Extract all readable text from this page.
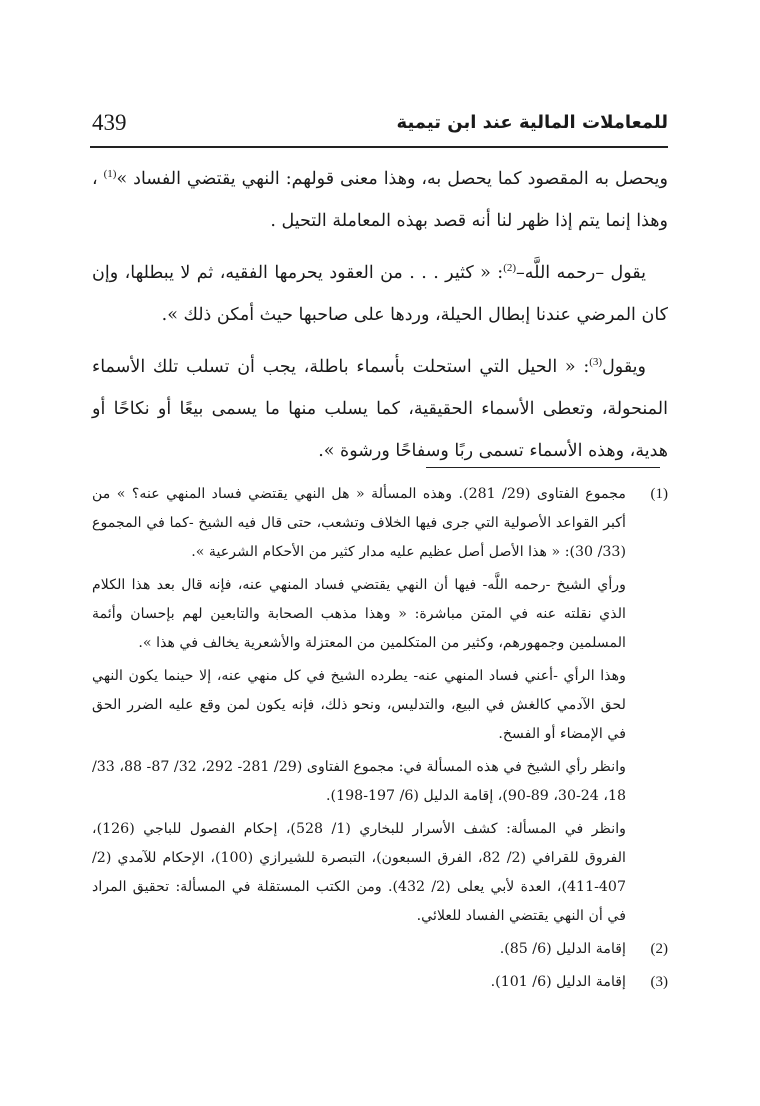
439	للمعاملات المالية عند ابن تيمية

ويحصل به المقصود كما يحصل به، وهذا معنى قولهم: النهي يقتضي الفساد »$^{(1)}$ ، وهذا إنما يتم إذا ظهر لنا أنه قصد بهذه المعاملة التحيل .

يقول –رحمه اللَّه–$^{(2)}$: « كثير . . . من العقود يحرمها الفقيه، ثم لا يبطلها، وإن كان المرضي عندنا إبطال الحيلة، وردها على صاحبها حيث أمكن ذلك ».

ويقول$^{(3)}$: « الحيل التي استحلت بأسماء باطلة، يجب أن تسلب تلك الأسماء المنحولة، وتعطى الأسماء الحقيقية، كما يسلب منها ما يسمى بيعًا أو نكاحًا أو هدية، وهذه الأسماء تسمى ربًا وسفاحًا ورشوة ».

(1)

مجموع الفتاوى (29/ 281). وهذه المسألة « هل النهي يقتضي فساد المنهي عنه؟ » من أكبر القواعد الأصولية التي جرى فيها الخلاف وتشعب، حتى قال فيه الشيخ -كما في المجموع (33/ 30): « هذا الأصل أصل عظيم عليه مدار كثير من الأحكام الشرعية ».

ورأي الشيخ -رحمه اللَّه- فيها أن النهي يقتضي فساد المنهي عنه، فإنه قال بعد هذا الكلام الذي نقلته عنه في المتن مباشرة: « وهذا مذهب الصحابة والتابعين لهم بإحسان وأئمة المسلمين وجمهورهم، وكثير من المتكلمين من المعتزلة والأشعرية يخالف في هذا ».

وهذا الرأي -أعني فساد المنهي عنه- يطرده الشيخ في كل منهي عنه، إلا حينما يكون النهي لحق الآدمي كالغش في البيع، والتدليس، ونحو ذلك، فإنه يكون لمن وقع عليه الضرر الحق في الإمضاء أو الفسخ.

وانظر رأي الشيخ في هذه المسألة في: مجموع الفتاوى (29/ 281- 292، 32/ 87- 88، 33/ 18، 24-30، 89-90)، إقامة الدليل (6/ 197-198).

وانظر في المسألة: كشف الأسرار للبخاري (1/ 528)، إحكام الفصول للباجي (126)، الفروق للقرافي (2/ 82، الفرق السبعون)، التبصرة للشيرازي (100)، الإحكام للآمدي (2/ 407-411)، العدة لأبي يعلى (2/ 432). ومن الكتب المستقلة في المسألة: تحقيق المراد في أن النهي يقتضي الفساد للعلائي.

(2)

إقامة الدليل (6/ 85).

(3)

إقامة الدليل (6/ 101).
